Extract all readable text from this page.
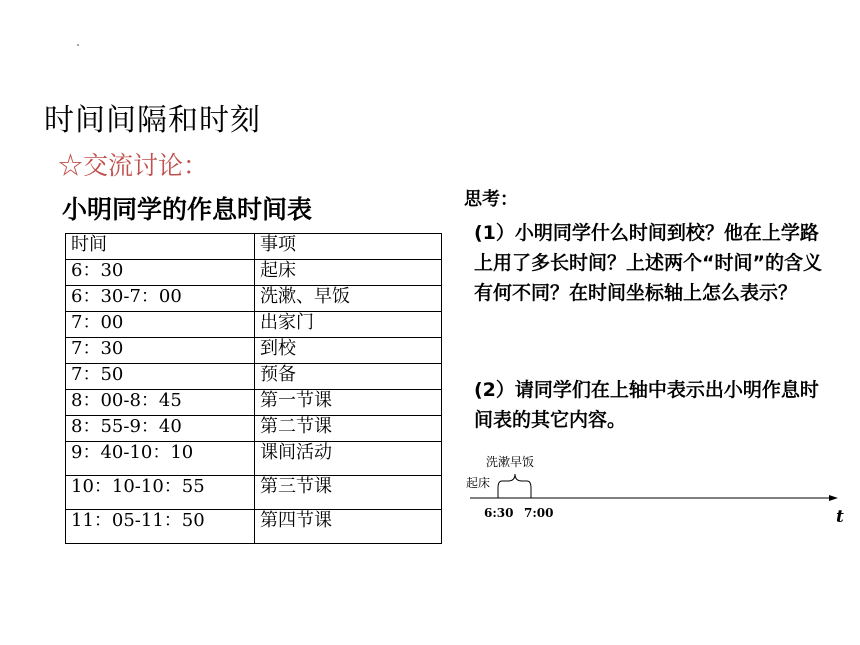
时间间隔和时刻
☆交流讨论：
小明同学的作息时间表
时间	事项
6：30	起床
6：30-7：00	洗漱、早饭
7：00	出家门
7：30	到校
7：50	预备
8：00-8：45	第一节课
8：55-9：40	第二节课
9：40-10：10	课间活动
10：10-10：55	第三节课
11：05-11：50	第四节课
思考：
(1）小明同学什么时间到校？他在上学路上用了多长时间？上述两个“时间”的含义有何不同？在时间坐标轴上怎么表示？
(2）请同学们在上轴中表示出小明作息时间表的其它内容。
洗漱早饭
起床
6:30 7:00	t
